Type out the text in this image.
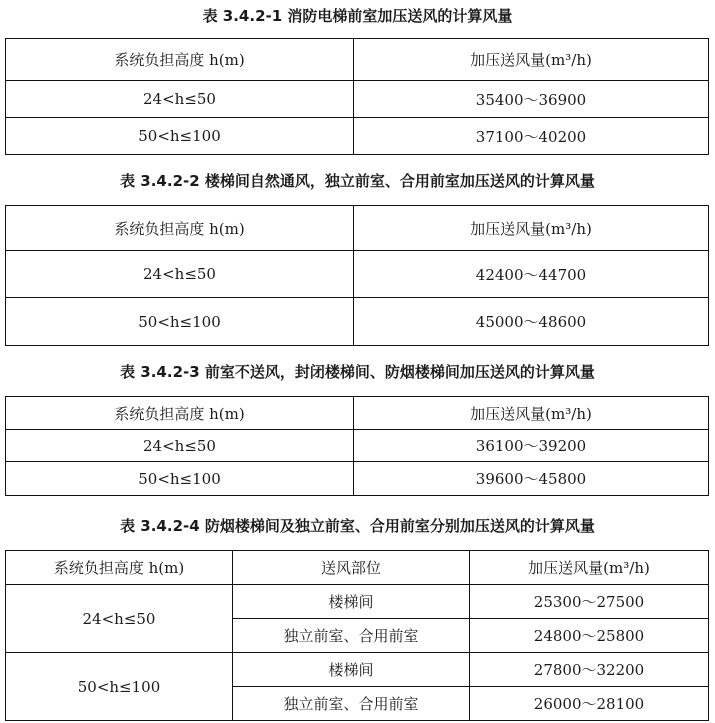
表 3.4.2-1 消防电梯前室加压送风的计算风量
系统负担高度 h(m)	加压送风量(m³/h)
24<h≤50	35400～36900
50<h≤100	37100～40200
表 3.4.2-2 楼梯间自然通风，独立前室、合用前室加压送风的计算风量
系统负担高度 h(m)	加压送风量(m³/h)
24<h≤50	42400～44700
50<h≤100	45000～48600
表 3.4.2-3 前室不送风，封闭楼梯间、防烟楼梯间加压送风的计算风量
系统负担高度 h(m)	加压送风量(m³/h)
24<h≤50	36100～39200
50<h≤100	39600～45800
表 3.4.2-4 防烟楼梯间及独立前室、合用前室分别加压送风的计算风量
系统负担高度 h(m)	送风部位	加压送风量(m³/h)
24<h≤50	楼梯间	25300～27500
	独立前室、合用前室	24800～25800
50<h≤100	楼梯间	27800～32200
	独立前室、合用前室	26000～28100
